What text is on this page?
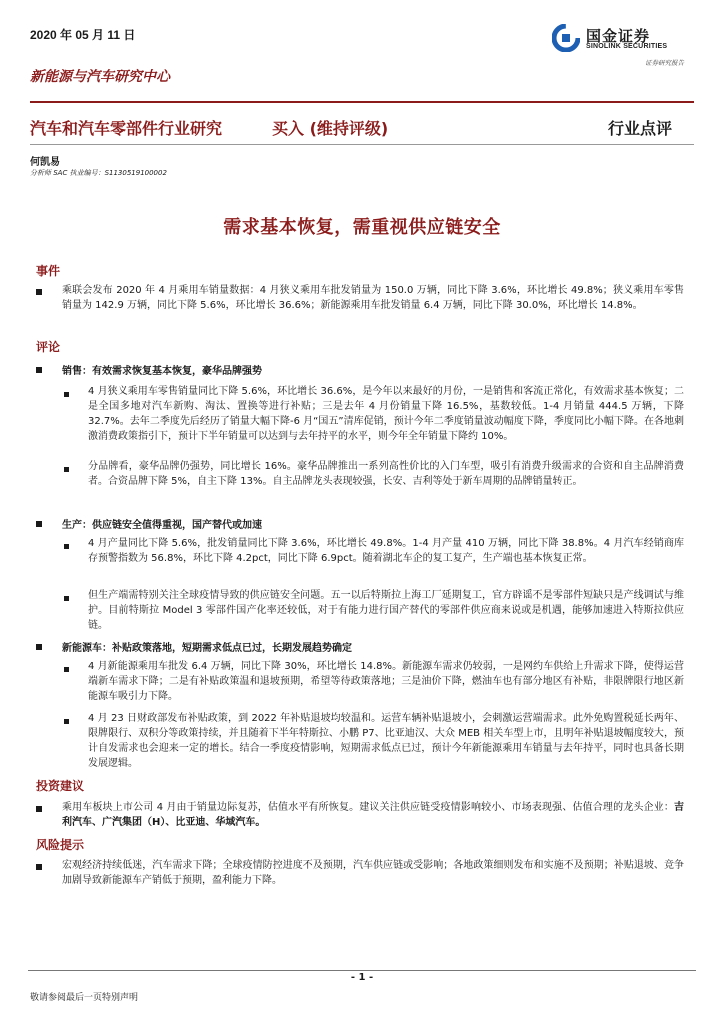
2020 年 05 月 11 日	国金证券
SINOLINK SECURITIES
证券研究报告
新能源与汽车研究中心
汽车和汽车零部件行业研究	买入 (维持评级)	行业点评
何凯易
分析师 SAC 执业编号：S1130519100002
需求基本恢复，需重视供应链安全
事件
乘联会发布 2020 年 4 月乘用车销量数据：4 月狭义乘用车批发销量为 150.0 万辆，同比下降 3.6%，环比增长 49.8%；狭义乘用车零售销量为 142.9 万辆，同比下降 5.6%，环比增长 36.6%；新能源乘用车批发销量 6.4 万辆，同比下降 30.0%，环比增长 14.8%。
评论
销售：有效需求恢复基本恢复，豪华品牌强势
4 月狭义乘用车零售销量同比下降 5.6%，环比增长 36.6%，是今年以来最好的月份，一是销售和客流正常化，有效需求基本恢复；二是全国多地对汽车新购、淘汰、置换等进行补贴；三是去年 4 月份销量下降 16.5%，基数较低。1-4 月销量 444.5 万辆，下降 32.7%。去年二季度先后经历了销量大幅下降-6 月“国五”清库促销，预计今年二季度销量波动幅度下降，季度同比小幅下降。在各地刺激消费政策指引下，预计下半年销量可以达到与去年持平的水平，则今年全年销量下降约 10%。
分品牌看，豪华品牌仍强势，同比增长 16%。豪华品牌推出一系列高性价比的入门车型，吸引有消费升级需求的合资和自主品牌消费者。合资品牌下降 5%，自主下降 13%。自主品牌龙头表现较强，长安、吉利等处于新车周期的品牌销量转正。
生产：供应链安全值得重视，国产替代或加速
4 月产量同比下降 5.6%，批发销量同比下降 3.6%，环比增长 49.8%。1-4 月产量 410 万辆，同比下降 38.8%。4 月汽车经销商库存预警指数为 56.8%，环比下降 4.2pct，同比下降 6.9pct。随着湖北车企的复工复产，生产端也基本恢复正常。
但生产端需特别关注全球疫情导致的供应链安全问题。五一以后特斯拉上海工厂延期复工，官方辟谣不是零部件短缺只是产线调试与维护。目前特斯拉 Model 3 零部件国产化率还较低，对于有能力进行国产替代的零部件供应商来说或是机遇，能够加速进入特斯拉供应链。
新能源车：补贴政策落地，短期需求低点已过，长期发展趋势确定
4 月新能源乘用车批发 6.4 万辆，同比下降 30%，环比增长 14.8%。新能源车需求仍较弱，一是网约车供给上升需求下降，使得运营端新车需求下降；二是有补贴政策温和退坡预期，希望等待政策落地；三是油价下降，燃油车也有部分地区有补贴，非限牌限行地区新能源车吸引力下降。
4 月 23 日财政部发布补贴政策，到 2022 年补贴退坡均较温和。运营车辆补贴退坡小，会刺激运营端需求。此外免购置税延长两年、限牌限行、双积分等政策持续，并且随着下半年特斯拉、小鹏 P7、比亚迪汉、大众 MEB 相关车型上市，且明年补贴退坡幅度较大，预计自发需求也会迎来一定的增长。结合一季度疫情影响，短期需求低点已过，预计今年新能源乘用车销量与去年持平，同时也具备长期发展逻辑。
投资建议
乘用车板块上市公司 4 月由于销量边际复苏，估值水平有所恢复。建议关注供应链受疫情影响较小、市场表现强、估值合理的龙头企业：吉利汽车、广汽集团（H）、比亚迪、华域汽车。
风险提示
宏观经济持续低迷，汽车需求下降；全球疫情防控进度不及预期，汽车供应链或受影响；各地政策细则发布和实施不及预期；补贴退坡、竞争加剧导致新能源车产销低于预期，盈利能力下降。
- 1 -
敬请参阅最后一页特别声明
